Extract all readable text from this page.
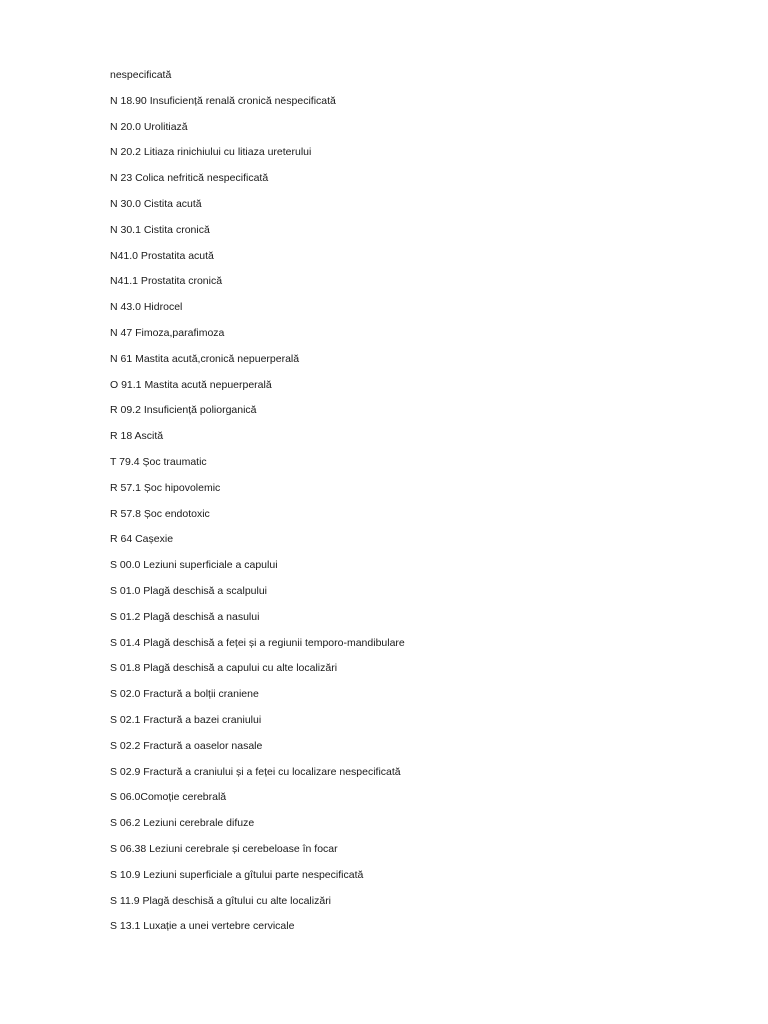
nespecificată
N 18.90 Insuficiență renală cronică nespecificată
N 20.0 Urolitiază
N 20.2 Litiaza rinichiului cu litiaza ureterului
N 23 Colica nefritică nespecificată
N 30.0 Cistita acută
N 30.1 Cistita cronică
N41.0 Prostatita acută
N41.1 Prostatita cronică
N 43.0 Hidrocel
N 47 Fimoza,parafimoza
N 61 Mastita acută,cronică nepuerperală
O 91.1 Mastita acută nepuerperală
R 09.2 Insuficiență poliorganică
R 18 Ascită
T 79.4 Șoc traumatic
R 57.1 Șoc hipovolemic
R 57.8 Șoc endotoxic
R 64 Cașexie
S 00.0 Leziuni superficiale a capului
S 01.0 Plagă deschisă a scalpului
S 01.2 Plagă deschisă a nasului
S 01.4 Plagă deschisă a feței și a regiunii temporo-mandibulare
S 01.8 Plagă deschisă a capului cu alte localizări
S 02.0 Fractură a bolții craniene
S 02.1 Fractură a bazei craniului
S 02.2 Fractură a oaselor nasale
S 02.9 Fractură a craniului și a feței cu localizare nespecificată
S 06.0Comoție cerebrală
S 06.2 Leziuni cerebrale difuze
S 06.38 Leziuni cerebrale și cerebeloase în focar
S 10.9 Leziuni superficiale a gîtului parte nespecificată
S 11.9 Plagă deschisă a gîtului cu alte localizări
S 13.1 Luxație a unei vertebre cervicale
